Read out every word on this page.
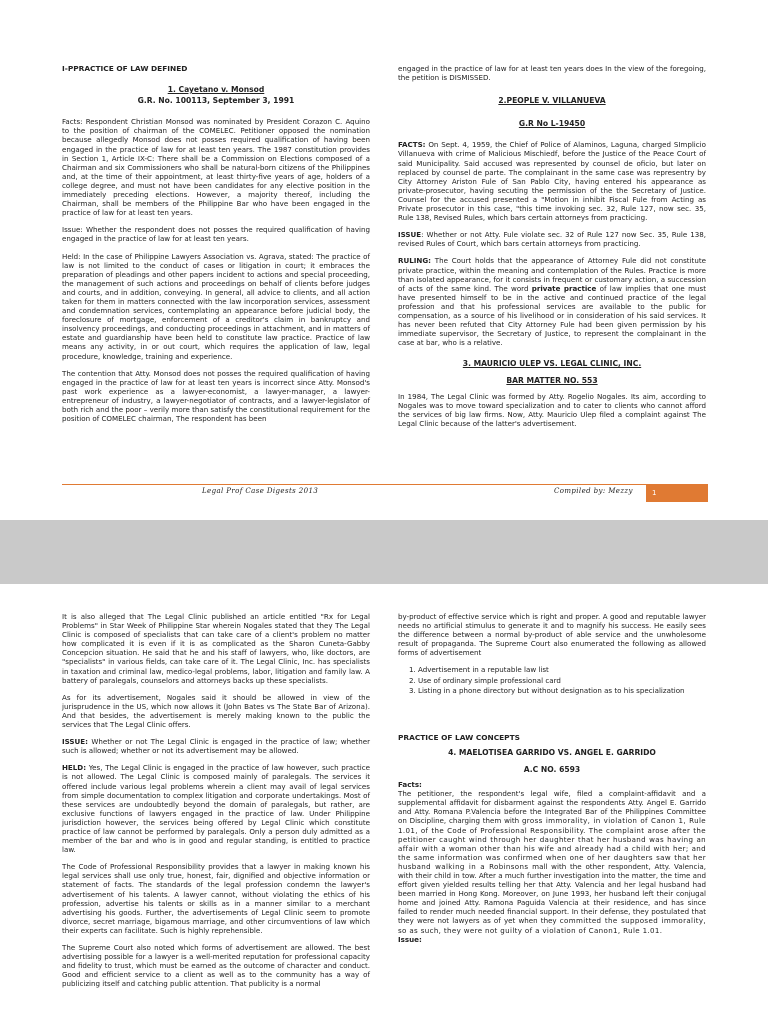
I-PPRACTICE OF LAW DEFINED
1. Cayetano v. Monsod
G.R. No. 100113, September 3, 1991

Facts: Respondent Christian Monsod was nominated by President Corazon C. Aquino to the position of chairman of the COMELEC. Petitioner opposed the nomination because allegedly Monsod does not posses required qualification of having been engaged in the practice of law for at least ten years. The 1987 constitution provides in Section 1, Article IX-C: There shall be a Commission on Elections composed of a Chairman and six Commissioners who shall be natural-born citizens of the Philippines and, at the time of their appointment, at least thirty-five years of age, holders of a college degree, and must not have been candidates for any elective position in the immediately preceding elections. However, a majority thereof, including the Chairman, shall be members of the Philippine Bar who have been engaged in the practice of law for at least ten years.

Issue: Whether the respondent does not posses the required qualification of having engaged in the practice of law for at least ten years.

Held: In the case of Philippine Lawyers Association vs. Agrava, stated: The practice of law is not limited to the conduct of cases or litigation in court; it embraces the preparation of pleadings and other papers incident to actions and special proceeding, the management of such actions and proceedings on behalf of clients before judges and courts, and in addition, conveying. In general, all advice to clients, and all action taken for them in matters connected with the law incorporation services, assessment and condemnation services, contemplating an appearance before judicial body, the foreclosure of mortgage, enforcement of a creditor's claim in bankruptcy and insolvency proceedings, and conducting proceedings in attachment, and in matters of estate and guardianship have been held to constitute law practice. Practice of law means any activity, in or out court, which requires the application of law, legal procedure, knowledge, training and experience.

The contention that Atty. Monsod does not posses the required qualification of having engaged in the practice of law for at least ten years is incorrect since Atty. Monsod's past work experience as a lawyer-economist, a lawyer-manager, a lawyer-entrepreneur of industry, a lawyer-negotiator of contracts, and a lawyer-legislator of both rich and the poor – verily more than satisfy the constitutional requirement for the position of COMELEC chairman, The respondent has been

engaged in the practice of law for at least ten years does In the view of the foregoing, the petition is DISMISSED.

2.PEOPLE V. VILLANUEVA
G.R No L-19450

FACTS: On Sept. 4, 1959, the Chief of Police of Alaminos, Laguna, charged SImplicio Villanueva with crime of Malicious Mischiedf, before the Justice of the Peace Court of said Municipality. Said accused was represented by counsel de oficio, but later on replaced by counsel de parte. The complainant in the same case was representry by City Attorney Ariston Fule of San Pablo City, having entered his appearance as private-prosecutor, having secuting the permission of the the Secretary of Justice. Counsel for the accused presented a "Motion in inhibit Fiscal Fule from Acting as Private prosecutor in this case, "this time invoking sec. 32, Rule 127, now sec. 35, Rule 138, Revised Rules, which bars certain attorneys from practicing.

ISSUE: Whether or not Atty. Fule violate sec. 32 of Rule 127 now Sec. 35, Rule 138, revised Rules of Court, which bars certain attorneys from practicing.

RULING: The Court holds that the appearance of Attorney Fule did not constitute private practice, within the meaning and contemplation of the Rules. Practice is more than isolated appearance, for it consists in frequent or customary action, a succession of acts of the same kind. The word private practice of law implies that one must have presented himself to be in the active and continued practice of the legal profession and that his professional services are available to the public for compensation, as a source of his livelihood or in consideration of his said services. It has never been refuted that City Attorney Fule had been given permission by his immediate supervisor, the Secretary of Justice, to represent the complainant in the case at bar, who is a relative.

3. MAURICIO ULEP VS. LEGAL CLINIC, INC.
BAR MATTER NO. 553

In 1984, The Legal Clinic was formed by Atty. Rogelio Nogales. Its aim, according to Nogales was to move toward specialization and to cater to clients who cannot afford the services of big law firms. Now, Atty. Mauricio Ulep filed a complaint against The Legal Clinic because of the latter's advertisement.

Legal Prof Case Digests 2013	Compiled by: Mezzy	1

It is also alleged that The Legal Clinic published an article entitled "Rx for Legal Problems" in Star Week of Philippine Star wherein Nogales stated that they The Legal Clinic is composed of specialists that can take care of a client's problem no matter how complicated it is even if it is as complicated as the Sharon Cuneta-Gabby Concepcion situation. He said that he and his staff of lawyers, who, like doctors, are "specialists" in various fields, can take care of it. The Legal Clinic, Inc. has specialists in taxation and criminal law, medico-legal problems, labor, litigation and family law. A battery of paralegals, counselors and attorneys backs up these specialists.

As for its advertisement, Nogales said it should be allowed in view of the jurisprudence in the US, which now allows it (John Bates vs The State Bar of Arizona). And that besides, the advertisement is merely making known to the public the services that The Legal Clinic offers.

ISSUE: Whether or not The Legal Clinic is engaged in the practice of law; whether such is allowed; whether or not its advertisement may be allowed.

HELD: Yes, The Legal Clinic is engaged in the practice of law however, such practice is not allowed. The Legal Clinic is composed mainly of paralegals. The services it offered include various legal problems wherein a client may avail of legal services from simple documentation to complex litigation and corporate undertakings. Most of these services are undoubtedly beyond the domain of paralegals, but rather, are exclusive functions of lawyers engaged in the practice of law. Under Philippine jurisdiction however, the services being offered by Legal Clinic which constitute practice of law cannot be performed by paralegals. Only a person duly admitted as a member of the bar and who is in good and regular standing, is entitled to practice law.

The Code of Professional Responsibility provides that a lawyer in making known his legal services shall use only true, honest, fair, dignified and objective information or statement of facts. The standards of the legal profession condemn the lawyer's advertisement of his talents. A lawyer cannot, without violating the ethics of his profession, advertise his talents or skills as in a manner similar to a merchant advertising his goods. Further, the advertisements of Legal Clinic seem to promote divorce, secret marriage, bigamous marriage, and other circumventions of law which their experts can facilitate. Such is highly reprehensible.

The Supreme Court also noted which forms of advertisement are allowed. The best advertising possible for a lawyer is a well-merited reputation for professional capacity and fidelity to trust, which must be earned as the outcome of character and conduct. Good and efficient service to a client as well as to the community has a way of publicizing itself and catching public attention. That publicity is a normal

by-product of effective service which is right and proper. A good and reputable lawyer needs no artificial stimulus to generate it and to magnify his success. He easily sees the difference between a normal by-product of able service and the unwholesome result of propaganda. The Supreme Court also enumerated the following as allowed forms of advertisement

1. Advertisement in a reputable law list
2. Use of ordinary simple professional card
3. Listing in a phone directory but without designation as to his specialization
PRACTICE OF LAW CONCEPTS
4. MAELOTISEA GARRIDO VS. ANGEL E. GARRIDO
A.C NO. 6593
Facts:

The petitioner, the respondent's legal wife, filed a complaint-affidavit and a supplemental affidavit for disbarment against the respondents Atty. Angel E. Garrido and Atty. Romana P.Valencia before the Integrated Bar of the Philippines Committee on Discipline, charging them with gross immorality, in violation of Canon 1, Rule 1.01, of the Code of Professional Responsibility. The complaint arose after the petitioner caught wind through her daughter that her husband was having an affair with a woman other than his wife and already had a child with her; and the same information was confirmed when one of her daughters saw that her husband walking in a Robinsons mall with the other respondent, Atty. Valencia, with their child in tow. After a much further investigation into the matter, the time and effort given yielded results telling her that Atty. Valencia and her legal husband had been married in Hong Kong. Moreover, on June 1993, her husband left their conjugal home and joined Atty. Ramona Paguida Valencia at their residence, and has since failed to render much needed financial support. In their defense, they postulated that they were not lawyers as of yet when they committed the supposed immorality, so as such, they were not guilty of a violation of Canon1, Rule 1.01.

Issue:
